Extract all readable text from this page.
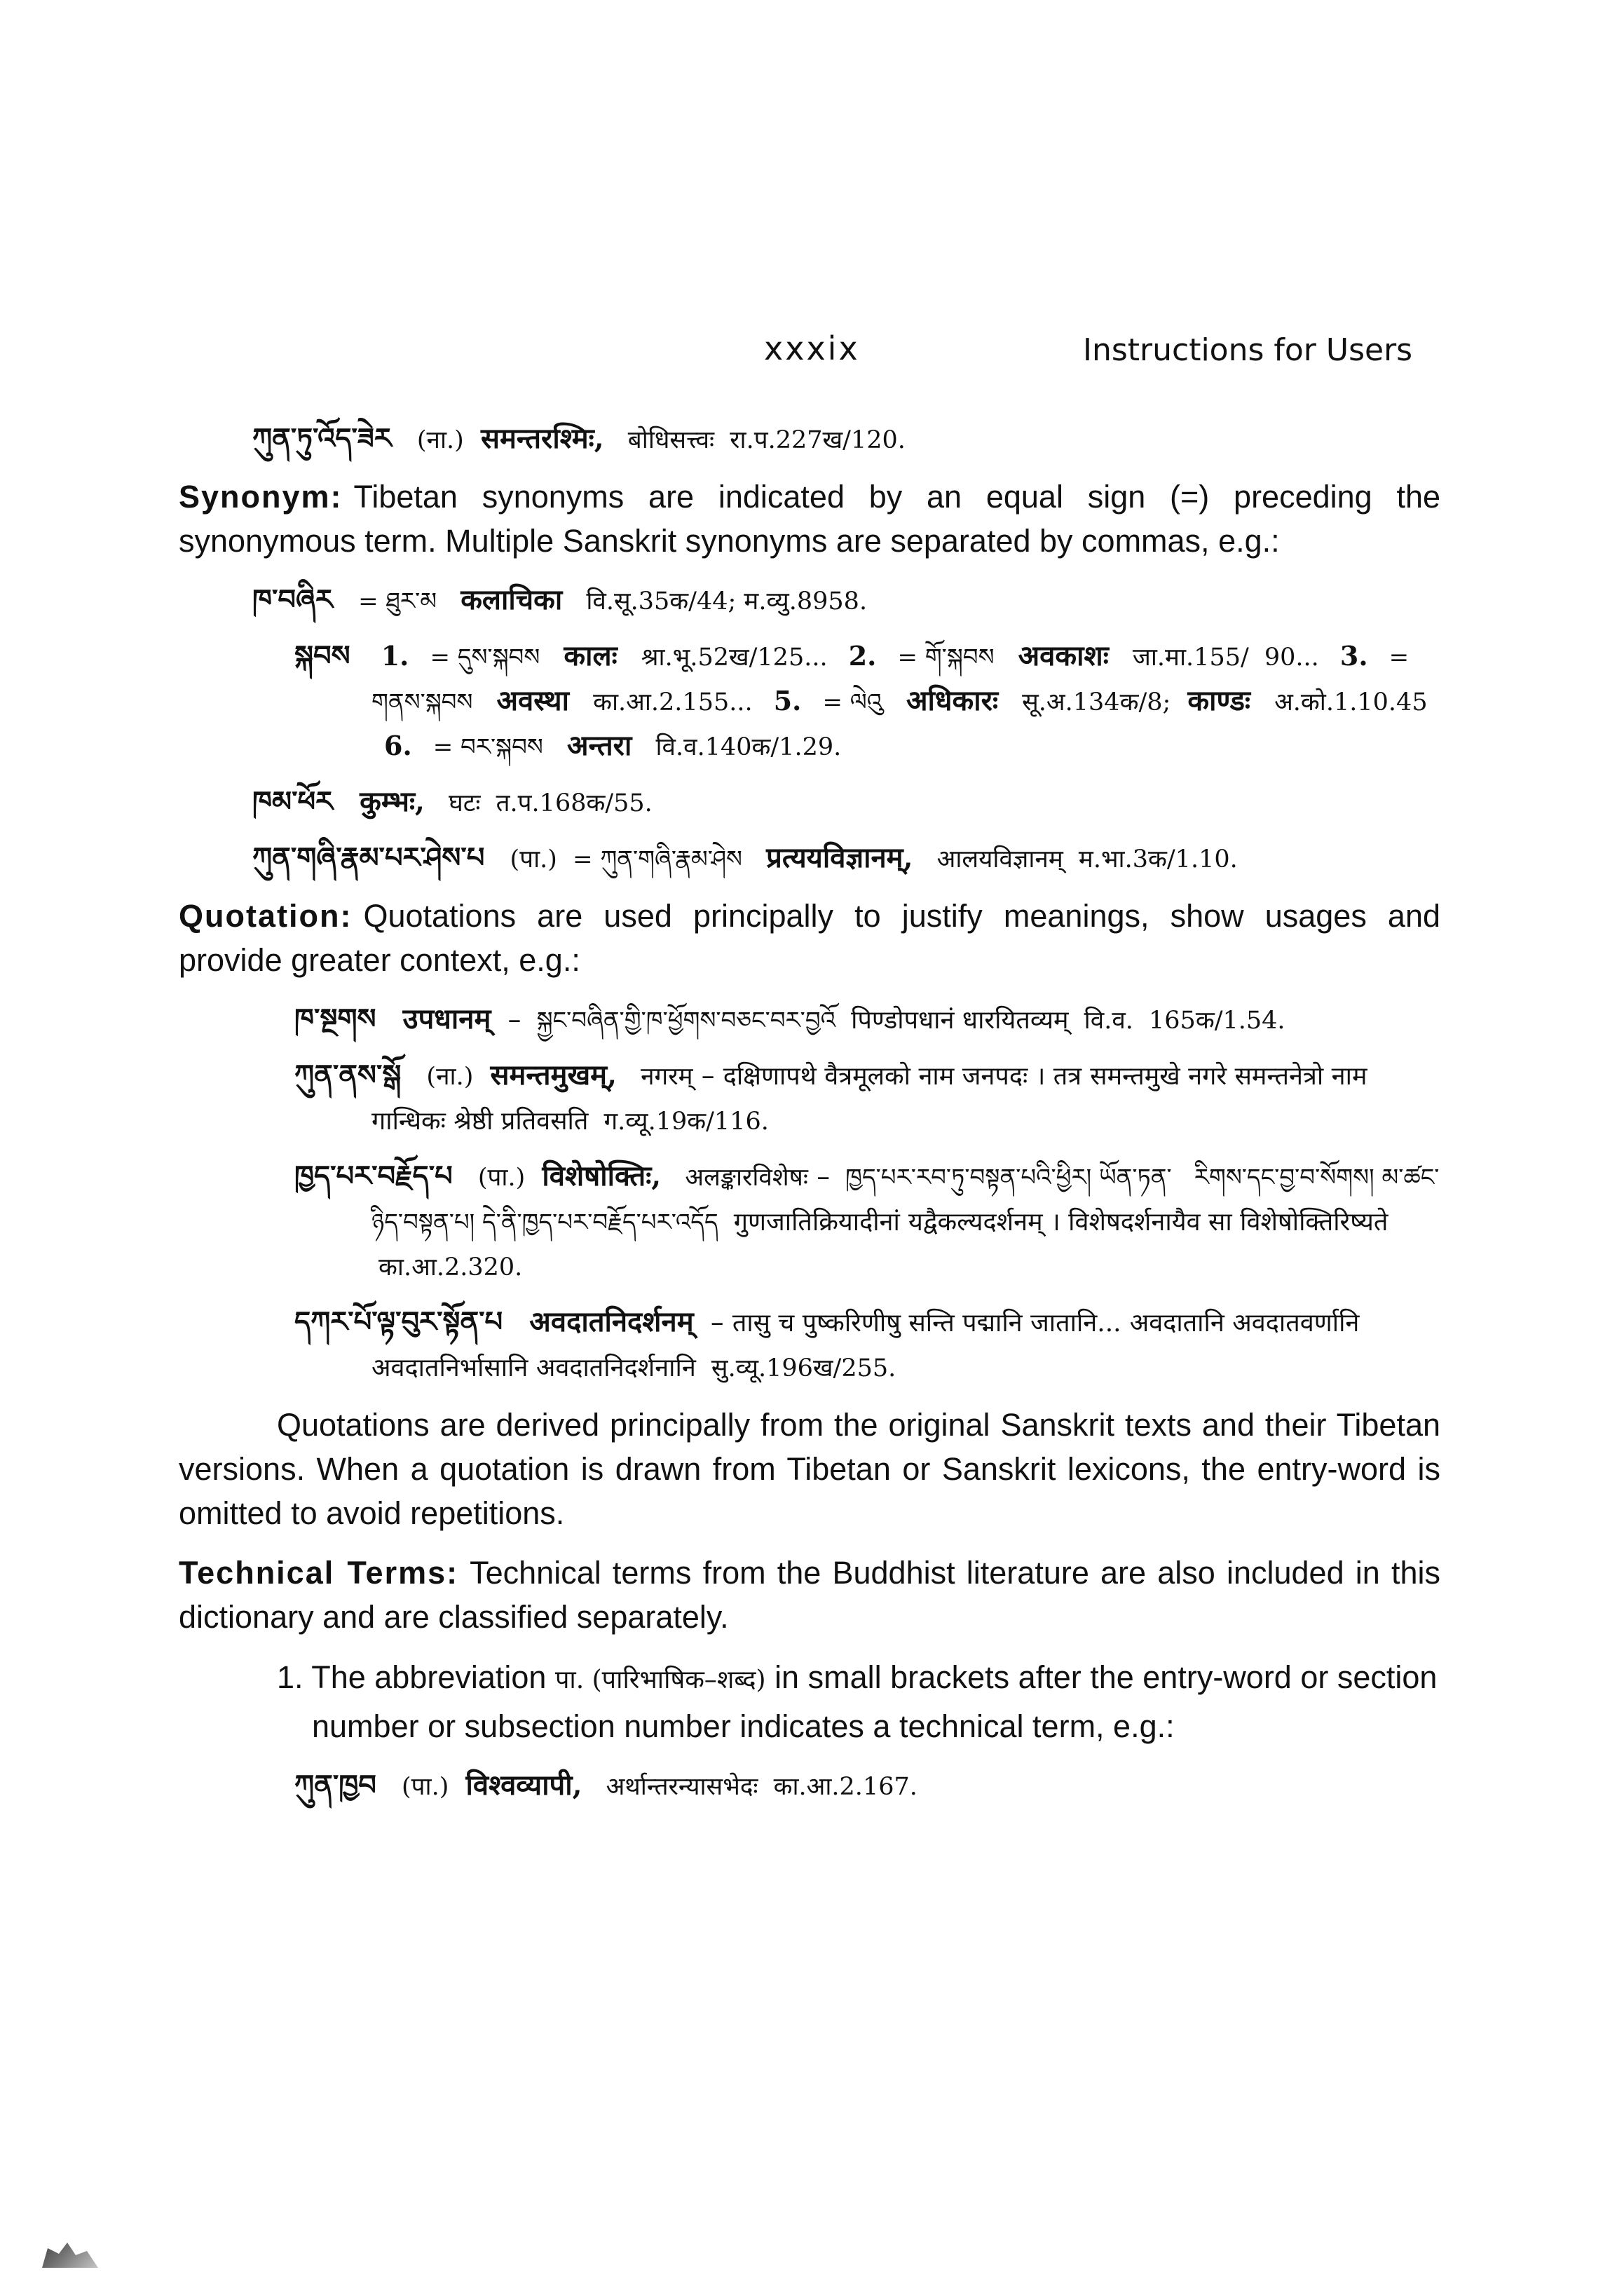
xxxix	Instructions for Users
ཀུན་ཏུ་འོད་ཟེར (ना.) समन्तरश्मिः, बोधिसत्त्वः रा.प.227ख/120.

Synonym: Tibetan synonyms are indicated by an equal sign (=) preceding the synonymous term. Multiple Sanskrit synonyms are separated by commas, e.g.:

ཁ་བཞིར = ཐུར་མ कलाचिका वि.सू.35क/44; म.व्यु.8958.
སྐབས 1. = དུས་སྐབས कालः श्रा.भू.52ख/125... 2. = གོ་སྐབས अवकाशः जा.मा.155/ 90... 3. = གནས་སྐབས अवस्था का.आ.2.155... 5. = ལེའུ अधिकारः सू.अ.134क/8; काण्डः अ.को.1.10.45 6. = བར་སྐབས अन्तरा वि.व.140क/1.29.
ཁམ་ཕོར कुम्भः, घटः त.प.168क/55.
ཀུན་གཞི་རྣམ་པར་ཤེས་པ (पा.) = ཀུན་གཞི་རྣམ་ཤེས प्रत्ययविज्ञानम्, आलयविज्ञानम् म.भा.3क/1.10.

Quotation: Quotations are used principally to justify meanings, show usages and provide greater context, e.g.:

ཁ་སྔགས उपधानम् – སྐྱང་བཞིན་གྱི་ཁ་ཕྱོགས་བཅང་བར་བྱའོ पिण्डोपधानं धारयितव्यम् वि.व. 165क/1.54.
ཀུན་ནས་སྒོ (ना.) समन्तमुखम्, नगरम् – दक्षिणापथे वैत्रमूलको नाम जनपदः । तत्र समन्तमुखे नगरे समन्तनेत्रो नाम गान्धिकः श्रेष्ठी प्रतिवसति ग.व्यू.19क/116.
ཁྱད་པར་བརྗོད་པ (पा.) विशेषोक्तिः, अलङ्कारविशेषः – ཁྱད་པར་རབ་ཏུ་བསྟན་པའི་ཕྱིར། ཡོན་ཏན་ རིགས་དང་བྱ་བ་སོགས། མ་ཚང་ཉིད་བསྟན་པ། དེ་ནི་ཁྱད་པར་བརྗོད་པར་འདོད गुणजातिक्रियादीनां यद्वैकल्यदर्शनम् । विशेषदर्शनायैव सा विशेषोक्तिरिष्यते का.आ.2.320.
དཀར་པོ་ལྟ་བུར་སྟོན་པ अवदातनिदर्शनम् – तासु च पुष्करिणीषु सन्ति पद्मानि जातानि... अवदातानि अवदातवर्णानि अवदातनिर्भासानि अवदातनिदर्शनानि सु.व्यू.196ख/255.

Quotations are derived principally from the original Sanskrit texts and their Tibetan versions. When a quotation is drawn from Tibetan or Sanskrit lexicons, the entry-word is omitted to avoid repetitions.

Technical Terms: Technical terms from the Buddhist literature are also included in this dictionary and are classified separately.

1. The abbreviation पा. (पारिभाषिक–शब्द) in small brackets after the entry-word or section number or subsection number indicates a technical term, e.g.:
ཀུན་ཁྱབ (पा.) विश्वव्यापी, अर्थान्तरन्यासभेदः का.आ.2.167.
